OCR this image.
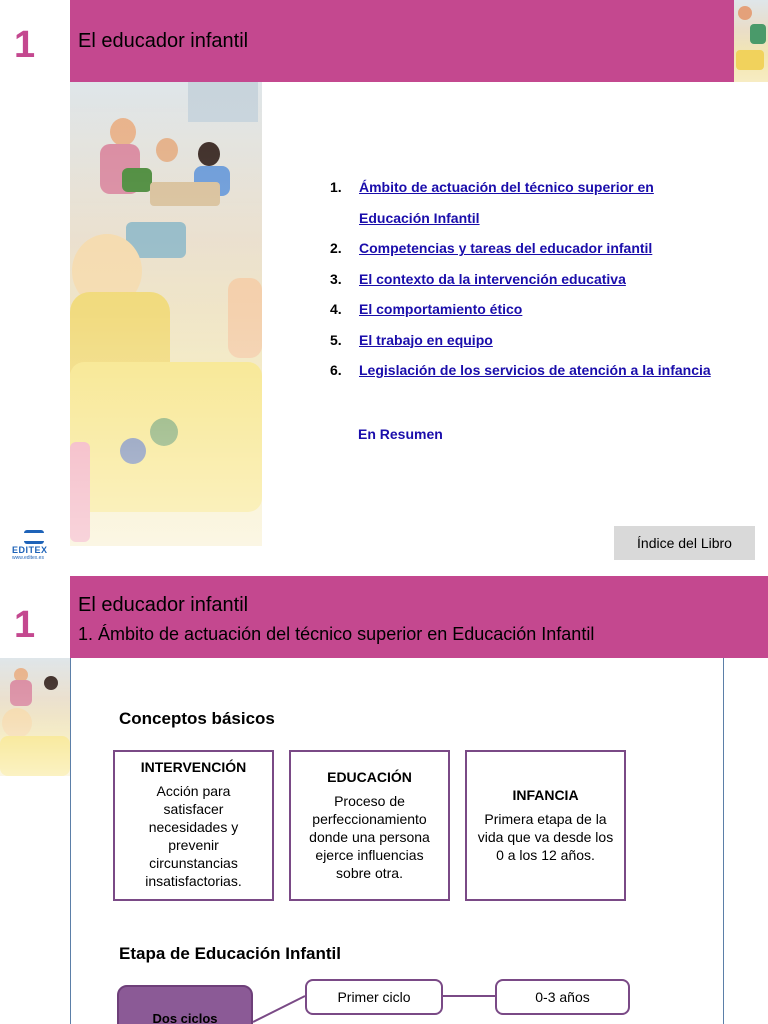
1 El educador infantil
1.	Ámbito de actuación del técnico superior en
Educación Infantil
2.	Competencias y tareas del educador infantil
3.	El contexto da la intervención educativa
4.	El comportamiento ético
5.	El trabajo en equipo
6.	Legislación de los servicios de atención a la infancia
En Resumen
EDITEX
www.editex.es
Índice del Libro
1 El educador infantil
1. Ámbito de actuación del técnico superior en Educación Infantil
Conceptos básicos
INTERVENCIÓN
Acción para satisfacer necesidades y prevenir circunstancias insatisfactorias.
EDUCACIÓN
Proceso de perfeccionamiento donde una persona ejerce influencias sobre otra.
INFANCIA
Primera etapa de la vida que va desde los 0 a los 12 años.
Etapa de Educación Infantil
Dos ciclos
Primer ciclo	0-3 años
